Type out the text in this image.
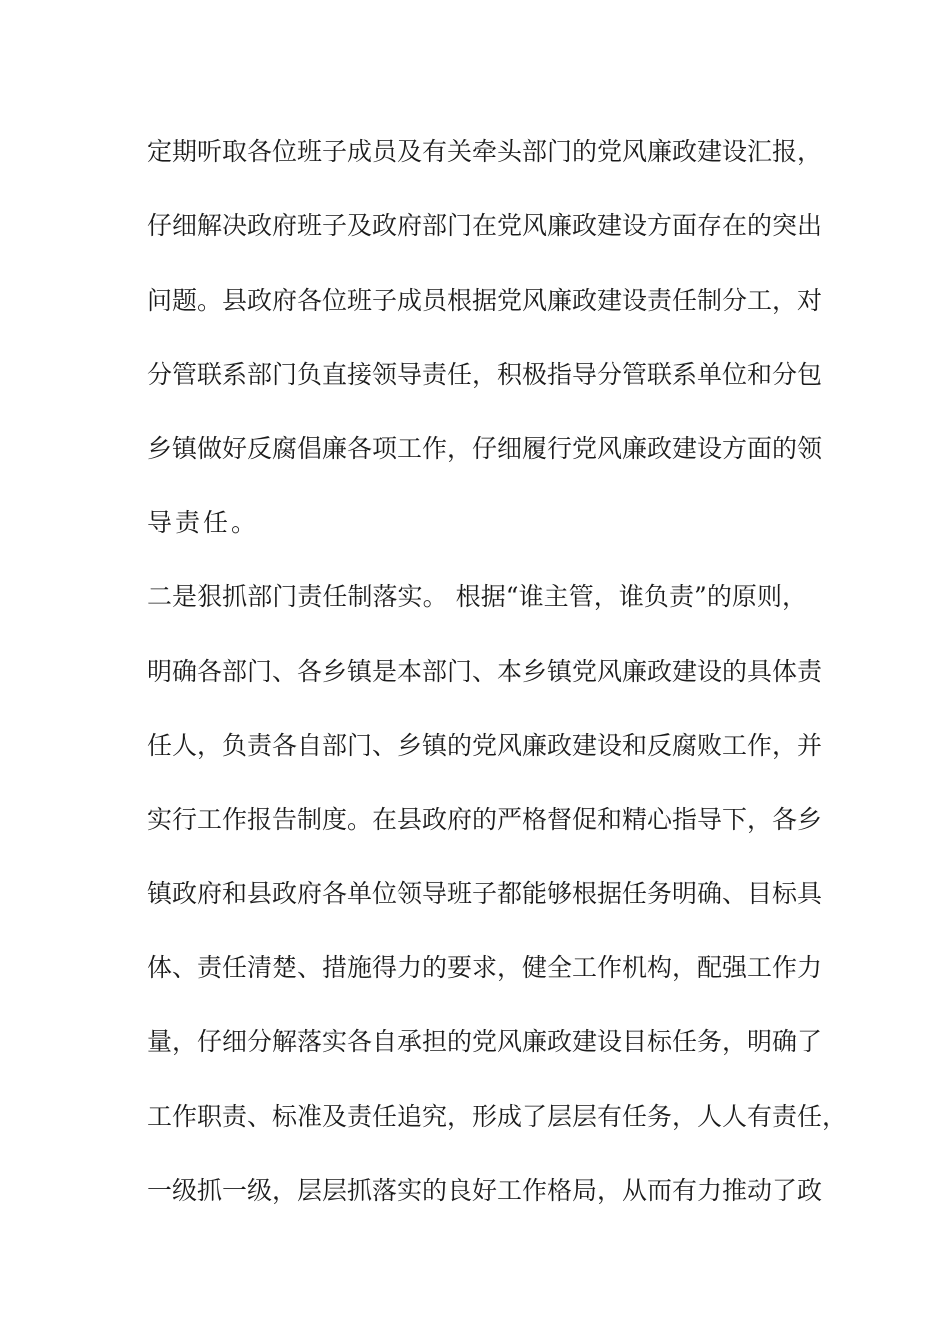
定期听取各位班子成员及有关牵头部门的党风廉政建设汇报，
仔细解决政府班子及政府部门在党风廉政建设方面存在的突出
问题。县政府各位班子成员根据党风廉政建设责任制分工，对
分管联系部门负直接领导责任，积极指导分管联系单位和分包
乡镇做好反腐倡廉各项工作，仔细履行党风廉政建设方面的领
导责任。
二是狠抓部门责任制落实。 根据“谁主管，谁负责”的原则，
明确各部门、各乡镇是本部门、本乡镇党风廉政建设的具体责
任人，负责各自部门、乡镇的党风廉政建设和反腐败工作，并
实行工作报告制度。在县政府的严格督促和精心指导下，各乡
镇政府和县政府各单位领导班子都能够根据任务明确、目标具
体、责任清楚、措施得力的要求，健全工作机构，配强工作力
量，仔细分解落实各自承担的党风廉政建设目标任务，明确了
工作职责、标准及责任追究，形成了层层有任务，人人有责任，
一级抓一级，层层抓落实的良好工作格局，从而有力推动了政
